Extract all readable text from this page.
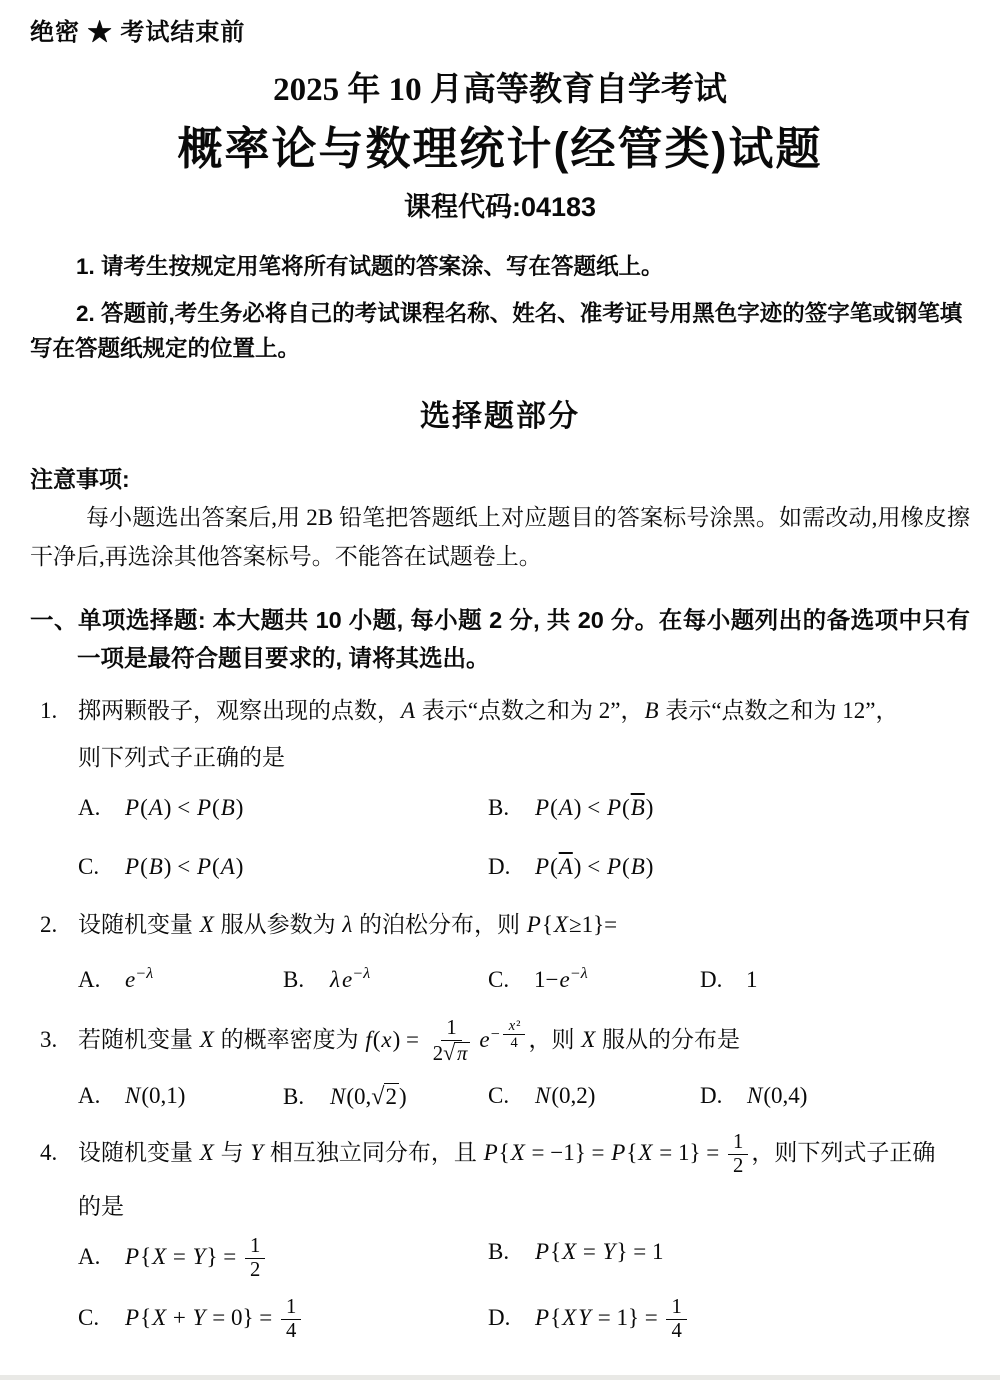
绝密 ★ 考试结束前
2025 年 10 月高等教育自学考试
概率论与数理统计(经管类)试题
课程代码:04183
1. 请考生按规定用笔将所有试题的答案涂、写在答题纸上。
2. 答题前,考生务必将自己的考试课程名称、姓名、准考证号用黑色字迹的签字笔或钢笔填写在答题纸规定的位置上。
选择题部分
注意事项:
每小题选出答案后,用 2B 铅笔把答题纸上对应题目的答案标号涂黑。如需改动,用橡皮擦干净后,再选涂其他答案标号。不能答在试题卷上。
一、单项选择题: 本大题共 10 小题, 每小题 2 分, 共 20 分。在每小题列出的备选项中只有一项是最符合题目要求的, 请将其选出。
1. 掷两颗骰子，观察出现的点数，A 表示“点数之和为 2”，B 表示“点数之和为 12”，
则下列式子正确的是
A. P(A) < P(B)	B. $P(A) < P(\overline{B})$
C. P(B) < P(A)	D. $P(\overline{A}) < P(B)$
2. 设随机变量 X 服从参数为 λ 的泊松分布，则 P{X≥1}=
A. $e^{-\lambda}$	B. $\lambda e^{-\lambda}$	C. $1-e^{-\lambda}$	D. 1
3. 若随机变量 X 的概率密度为 $f(x) = \frac{1}{2√\pi} e^{- \frac{\text{x²}}{4}}$ ，则 X 服从的分布是
A. N(0,1)	B. N(0,√2)	C. N(0,2)	D. N(0,4)
4. 设随机变量 X 与 Y 相互独立同分布，且 $P\{X = -1\} = P\{X = 1\} = \frac{1}{2}$ ，则下列式子正确
的是
A. $P\{X = Y\} = \frac{1}{2}$	B. P{X = Y} = 1
C. $P\{X + Y = 0\} = \frac{1}{4}$	D. $P\{XY = 1\} = \frac{1}{4}$
